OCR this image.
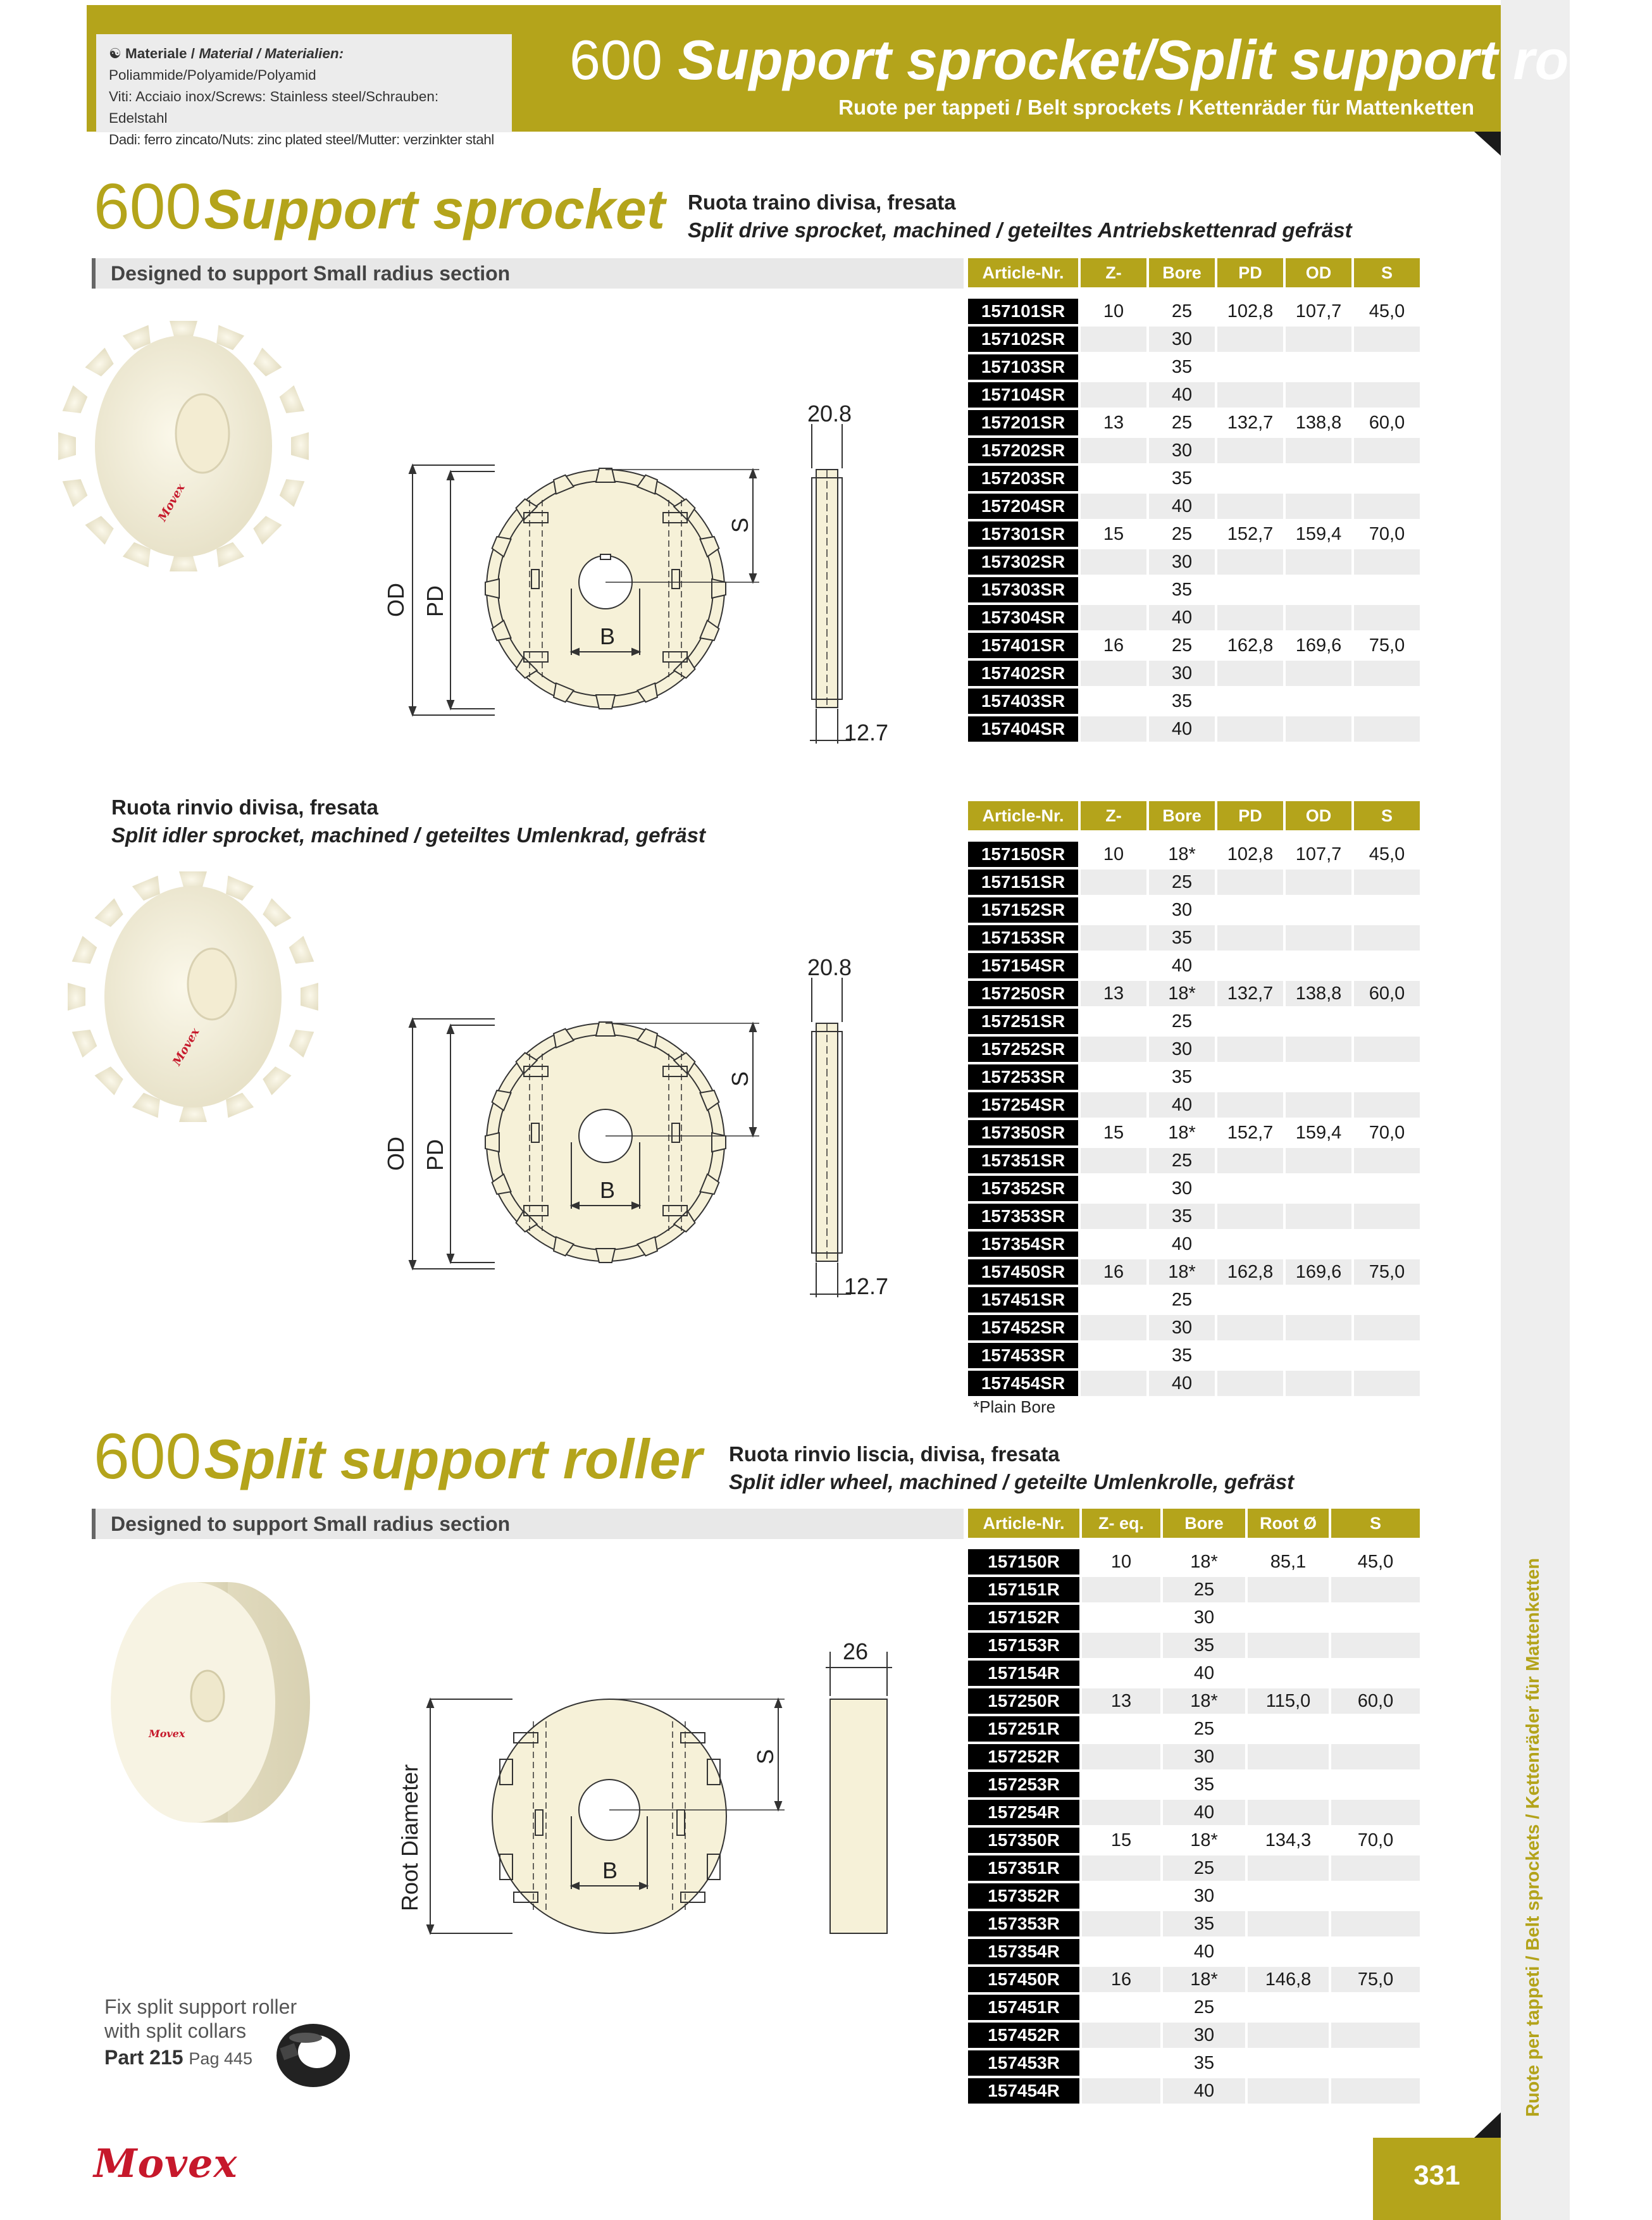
Ruote per tappeti / Belt sprockets / Kettenräder für Mattenketten
☯ Materiale / Material / Materialien:
Poliammide/Polyamide/Polyamid
Viti: Acciaio inox/Screws: Stainless steel/Schrauben: Edelstahl
Dadi: ferro zincato/Nuts: zinc plated steel/Mutter: verzinkter stahl
600 Support sprocket/Split support roller
Ruote per tappeti / Belt sprockets / Kettenräder für Mattenketten
600 Support sprocket Ruota traino divisa, fresata
Split drive sprocket, machined / geteiltes Antriebskettenrad gefräst
Designed to support Small radius section
Movex
OD PD
S
B
20.8
12.7
Article-Nr.	Z-	Bore	PD	OD	S

157101SR	10	25	102,8	107,7	45,0
157102SR		30			
157103SR		35			
157104SR		40			
157201SR	13	25	132,7	138,8	60,0
157202SR		30			
157203SR		35			
157204SR		40			
157301SR	15	25	152,7	159,4	70,0
157302SR		30			
157303SR		35			
157304SR		40			
157401SR	16	25	162,8	169,6	75,0
157402SR		30			
157403SR		35			
157404SR		40			
Ruota rinvio divisa, fresata
Split idler sprocket, machined / geteiltes Umlenkrad, gefräst
Movex
OD PD
S
B
20.8
12.7
Article-Nr.	Z-	Bore	PD	OD	S

157150SR	10	18*	102,8	107,7	45,0
157151SR		25			
157152SR		30			
157153SR		35			
157154SR		40			
157250SR	13	18*	132,7	138,8	60,0
157251SR		25			
157252SR		30			
157253SR		35			
157254SR		40			
157350SR	15	18*	152,7	159,4	70,0
157351SR		25			
157352SR		30			
157353SR		35			
157354SR		40			
157450SR	16	18*	162,8	169,6	75,0
157451SR		25			
157452SR		30			
157453SR		35			
157454SR		40			
*Plain Bore
600 Split support roller Ruota rinvio liscia, divisa, fresata
Split idler wheel, machined / geteilte Umlenkrolle, gefräst
Designed to support Small radius section
Movex
Root Diameter
S
B
26
Article-Nr.	Z- eq.	Bore	Root Ø	S

157150R	10	18*	85,1	45,0
157151R		25		
157152R		30		
157153R		35		
157154R		40		
157250R	13	18*	115,0	60,0
157251R		25		
157252R		30		
157253R		35		
157254R		40		
157350R	15	18*	134,3	70,0
157351R		25		
157352R		30		
157353R		35		
157354R		40		
157450R	16	18*	146,8	75,0
157451R		25		
157452R		30		
157453R		35		
157454R		40		
Fix split support roller
with split collars
Part 215 Pag 445
Movex	331
